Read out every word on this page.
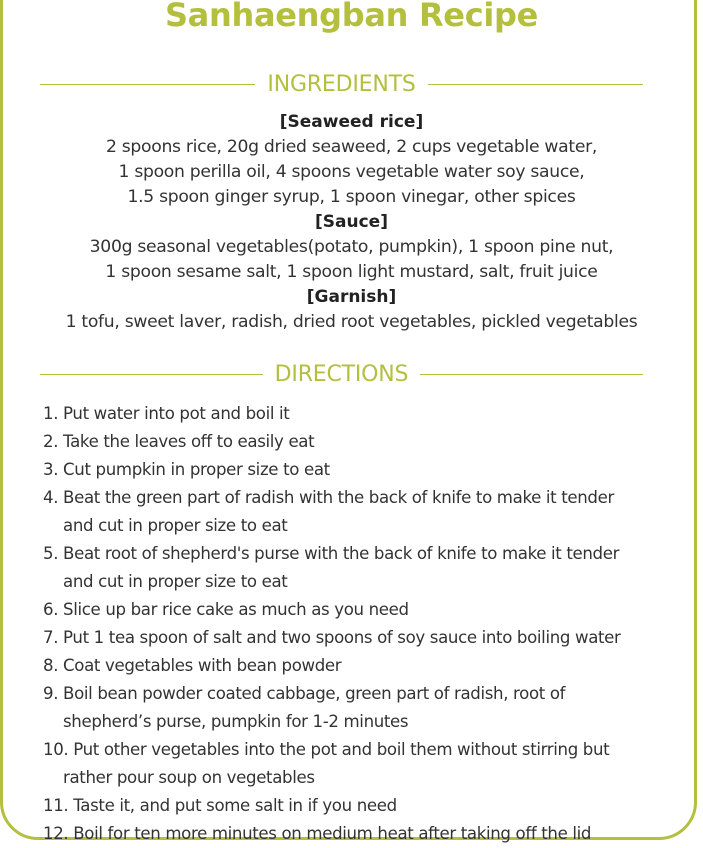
Sanhaengban Recipe
INGREDIENTS
[Seaweed rice]
2 spoons rice, 20g dried seaweed, 2 cups vegetable water,
1 spoon perilla oil, 4 spoons vegetable water soy sauce,
1.5 spoon ginger syrup, 1 spoon vinegar, other spices
[Sauce]
300g seasonal vegetables(potato, pumpkin), 1 spoon pine nut,
1 spoon sesame salt, 1 spoon light mustard, salt, fruit juice
[Garnish]
1 tofu, sweet laver, radish, dried root vegetables, pickled vegetables
DIRECTIONS
1. Put water into pot and boil it
2. Take the leaves off to easily eat
3. Cut pumpkin in proper size to eat
4. Beat the green part of radish with the back of knife to make it tender
and cut in proper size to eat
5. Beat root of shepherd's purse with the back of knife to make it tender
and cut in proper size to eat
6. Slice up bar rice cake as much as you need
7. Put 1 tea spoon of salt and two spoons of soy sauce into boiling water
8. Coat vegetables with bean powder
9. Boil bean powder coated cabbage, green part of radish, root of
shepherd’s purse, pumpkin for 1-2 minutes
10. Put other vegetables into the pot and boil them without stirring but
rather pour soup on vegetables
11. Taste it, and put some salt in if you need
12. Boil for ten more minutes on medium heat after taking off the lid
